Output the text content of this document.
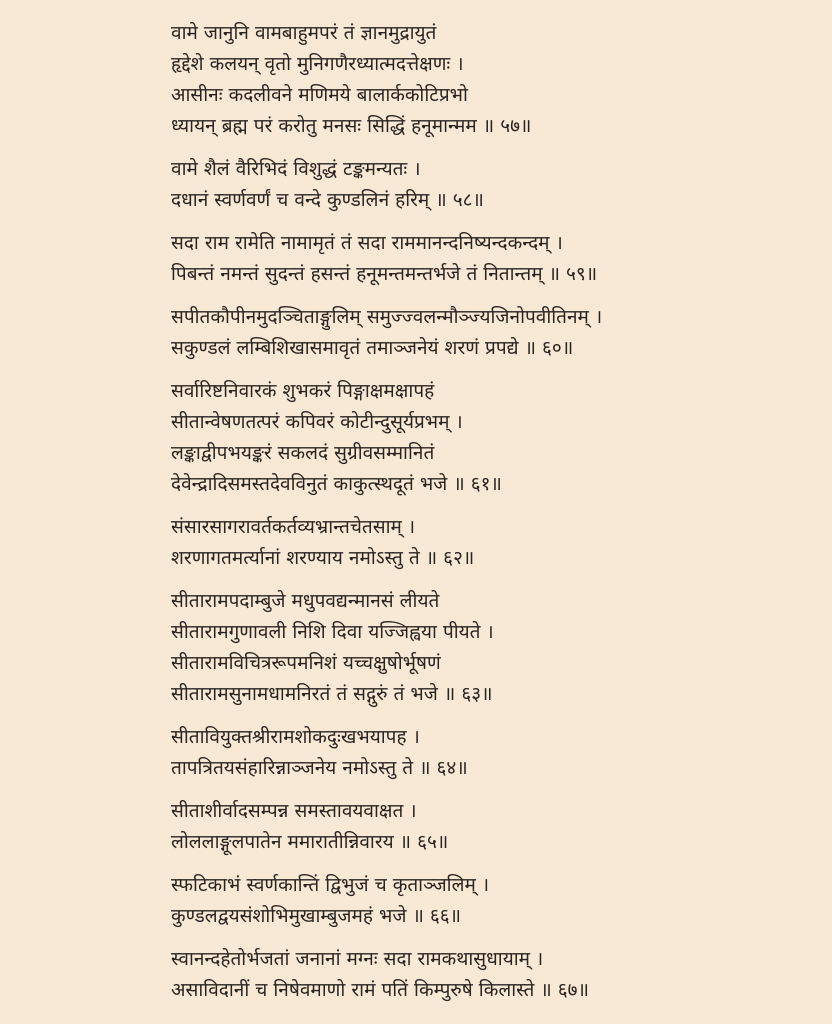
वामे जानुनि वामबाहुमपरं तं ज्ञानमुद्रायुतं
हृद्देशे कलयन् वृतो मुनिगणैरध्यात्मदत्तेक्षणः ।
आसीनः कदलीवने मणिमये बालार्ककोटिप्रभो
ध्यायन् ब्रह्म परं करोतु मनसः सिद्धिं हनूमान्मम ॥ ५७॥
वामे शैलं वैरिभिदं विशुद्धं टङ्कमन्यतः ।
दधानं स्वर्णवर्णं च वन्दे कुण्डलिनं हरिम् ॥ ५८॥
सदा राम रामेति नामामृतं तं सदा राममानन्दनिष्यन्दकन्दम् ।
पिबन्तं नमन्तं सुदन्तं हसन्तं हनूमन्तमन्तर्भजे तं नितान्तम् ॥ ५९॥
सपीतकौपीनमुदञ्चिताङ्गुलिम् समुज्ज्वलन्मौञ्ज्यजिनोपवीतिनम् ।
सकुण्डलं लम्बिशिखासमावृतं तमाञ्जनेयं शरणं प्रपद्ये ॥ ६०॥
सर्वारिष्टनिवारकं शुभकरं पिङ्गाक्षमक्षापहं
सीतान्वेषणतत्परं कपिवरं कोटीन्दुसूर्यप्रभम् ।
लङ्काद्वीपभयङ्करं सकलदं सुग्रीवसम्मानितं
देवेन्द्रादिसमस्तदेवविनुतं काकुत्स्थदूतं भजे ॥ ६१॥
संसारसागरावर्तकर्तव्यभ्रान्तचेतसाम् ।
शरणागतमर्त्यानां शरण्याय नमोऽस्तु ते ॥ ६२॥
सीतारामपदाम्बुजे मधुपवद्यन्मानसं लीयते
सीतारामगुणावली निशि दिवा यज्जिह्वया पीयते ।
सीतारामविचित्ररूपमनिशं यच्चक्षुषोर्भूषणं
सीतारामसुनामधामनिरतं तं सद्गुरुं तं भजे ॥ ६३॥
सीतावियुक्तश्रीरामशोकदुःखभयापह ।
तापत्रितयसंहारिन्नाञ्जनेय नमोऽस्तु ते ॥ ६४॥
सीताशीर्वादसम्पन्न समस्तावयवाक्षत ।
लोललाङ्गूलपातेन ममारातीन्निवारय ॥ ६५॥
स्फटिकाभं स्वर्णकान्तिं द्विभुजं च कृताञ्जलिम् ।
कुण्डलद्वयसंशोभिमुखाम्बुजमहं भजे ॥ ६६॥
स्वानन्दहेतोर्भजतां जनानां मग्नः सदा रामकथासुधायाम् ।
असाविदानीं च निषेवमाणो रामं पतिं किम्पुरुषे किलास्ते ॥ ६७॥
